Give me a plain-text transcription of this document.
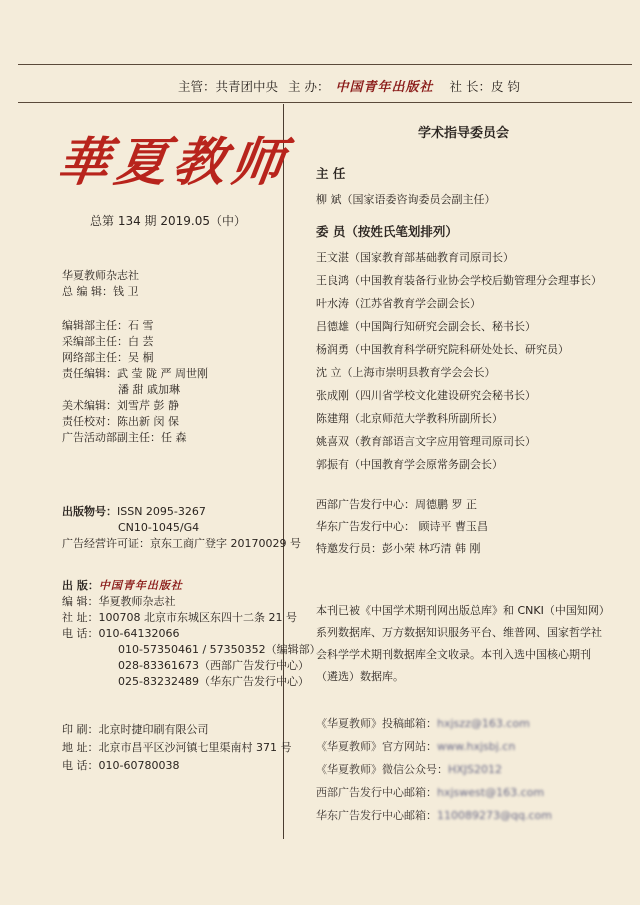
主管：共青团中央 主 办： 中国青年出版社 社 长：皮 钧
華夏教师
总第 134 期 2019.05（中）
华夏教师杂志社
总 编 辑：钱 卫
编辑部主任：石 雪
采编部主任：白 芸
网络部主任：吴 桐
责任编辑：武 莹 陇 严 周世刚
潘 甜 戚加琳
美术编辑：刘雪芹 彭 静
责任校对：陈出新 闵 保
广告活动部副主任：任 森
出版物号：ISSN 2095-3267
CN10-1045/G4
广告经营许可证：京东工商广登字 20170029 号
出 版：中国青年出版社
编 辑：华夏教师杂志社
社 址：100708 北京市东城区东四十二条 21 号
电 话：010-64132066
010-57350461 / 57350352（编辑部）
028-83361673（西部广告发行中心）
025-83232489（华东广告发行中心）
印 刷：北京时捷印刷有限公司
地 址：北京市昌平区沙河镇七里渠南村 371 号
电 话：010-60780038
学术指导委员会
主 任
柳 斌（国家语委咨询委员会副主任）
委 员（按姓氏笔划排列）
王文湛（国家教育部基础教育司原司长）
王良鸿（中国教育装备行业协会学校后勤管理分会理事长）
叶水涛（江苏省教育学会副会长）
吕德雄（中国陶行知研究会副会长、秘书长）
杨润勇（中国教育科学研究院科研处处长、研究员）
沈 立（上海市崇明县教育学会会长）
张成刚（四川省学校文化建设研究会秘书长）
陈建翔（北京师范大学教科所副所长）
姚喜双（教育部语言文字应用管理司原司长）
郭振有（中国教育学会原常务副会长）
西部广告发行中心：周德鹏 罗 正
华东广告发行中心： 顾诗平 曹玉昌
特邀发行员：彭小荣 林巧清 韩 刚

本刊已被《中国学术期刊网出版总库》和 CNKI（中国知网）系列数据库、万方数据知识服务平台、维普网、国家哲学社会科学学术期刊数据库全文收录。本刊入选中国核心期刊（遴选）数据库。

《华夏教师》投稿邮箱：hxjszz@163.com
《华夏教师》官方网站：www.hxjsbj.cn
《华夏教师》微信公众号：HXJS2012
西部广告发行中心邮箱：hxjswest@163.com
华东广告发行中心邮箱：110089273@qq.com
